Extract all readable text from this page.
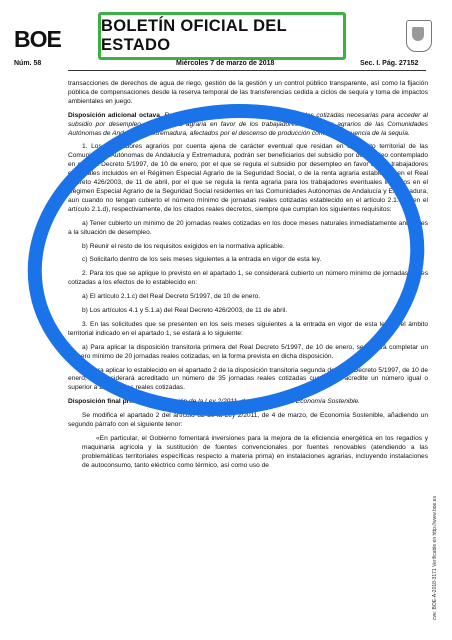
BOE BOLETÍN OFICIAL DEL ESTADO
Núm. 58	Miércoles 7 de marzo de 2018	Sec. I. Pág. 27152

transacciones de derechos de agua de riego, gestión de la gestión y un control público transparente, así como la fijación pública de compensaciones desde la reserva temporal de las transferencias cedida a ciclos de sequía y toma de impactos ambientales en juego.

Disposición adicional octava. Reducción del número mínimo de jornadas reales cotizadas necesarias para acceder al subsidio por desempleo o a la renta agraria en favor de los trabajadores eventuales agrarios de las Comunidades Autónomas de Andalucía y Extremadura, afectados por el descenso de producción como consecuencia de la sequía.

1. Los trabajadores agrarios por cuenta ajena de carácter eventual que residan en el ámbito territorial de las Comunidades Autónomas de Andalucía y Extremadura, podrán ser beneficiarios del subsidio por desempleo contemplado en el Real Decreto 5/1997, de 10 de enero, por el que se regula el subsidio por desempleo en favor de los trabajadores eventuales incluidos en el Régimen Especial Agrario de la Seguridad Social, o de la renta agraria establecida en el Real Decreto 426/2003, de 11 de abril, por el que se regula la renta agraria para los trabajadores eventuales incluidos en el Régimen Especial Agrario de la Seguridad Social residentes en las Comunidades Autónomas de Andalucía y Extremadura, aun cuando no tengan cubierto el número mínimo de jornadas reales cotizadas establecido en el artículo 2.1.c) o en el artículo 2.1.d), respectivamente, de los citados reales decretos, siempre que cumplan los siguientes requisitos:

a) Tener cubierto un mínimo de 20 jornadas reales cotizadas en los doce meses naturales inmediatamente anteriores a la situación de desempleo.

b) Reunir el resto de los requisitos exigidos en la normativa aplicable.

c) Solicitarlo dentro de los seis meses siguientes a la entrada en vigor de esta ley.

2. Para los que se aplique lo previsto en el apartado 1, se considerará cubierto un número mínimo de jornadas reales cotizadas a los efectos de lo establecido en:

a) El artículo 2.1.c) del Real Decreto 5/1997, de 10 de enero.

b) Los artículos 4.1 y 5.1.a) del Real Decreto 426/2003, de 11 de abril.

3. En las solicitudes que se presenten en los seis meses siguientes a la entrada en vigor de esta ley en el ámbito territorial indicado en el apartado 1, se estará a lo siguiente:

a) Para aplicar la disposición transitoria primera del Real Decreto 5/1997, de 10 de enero, se deberá completar un número mínimo de 20 jornadas reales cotizadas, en la forma prevista en dicha disposición.

b) Para aplicar lo establecido en el apartado 2 de la disposición transitoria segunda del Real Decreto 5/1997, de 10 de enero, se considerará acreditado un número de 35 jornadas reales cotizadas cuando se acredite un número igual o superior a 20 jornadas reales cotizadas.

Disposición final primera. Modificación de la Ley 2/2011, de 4 de marzo, de Economía Sostenible.

Se modifica el apartado 2 del artículo 82 de la Ley 2/2011, de 4 de marzo, de Economía Sostenible, añadiendo un segundo párrafo con el siguiente tenor:

«En particular, el Gobierno fomentará inversiones para la mejora de la eficiencia energética en los regadíos y maquinaria agrícola y la sustitución de fuentes convencionales por fuentes renovables (atendiendo a las problemáticas territoriales específicas respecto a materia prima) en instalaciones agrarias, incluyendo instalaciones de autoconsumo, tanto eléctrico como térmico, así como uso de

cve: BOE-A-2018-3171 Verificable en http://www.boe.es
